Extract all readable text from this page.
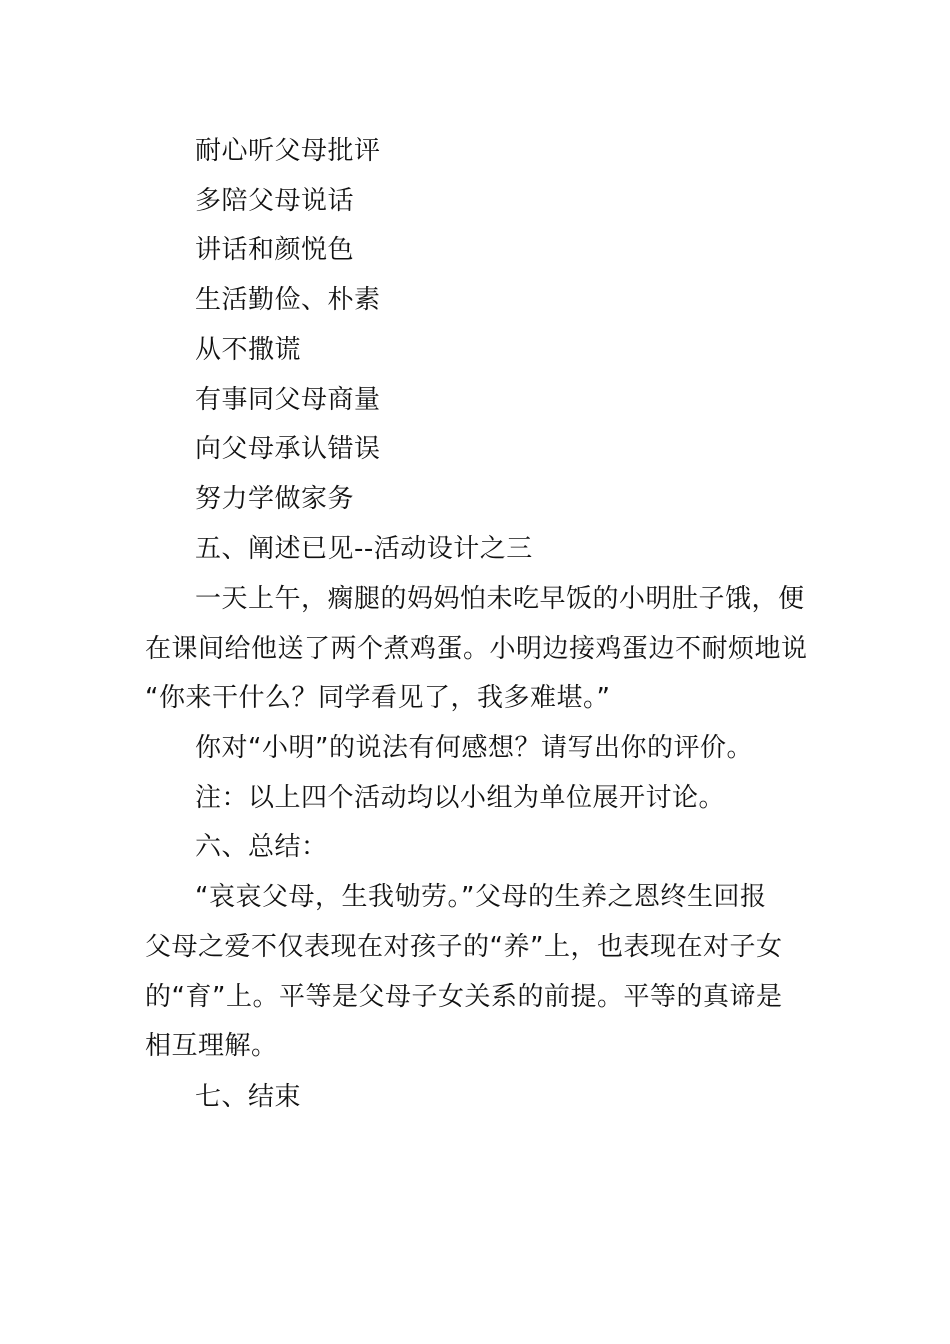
耐心听父母批评
多陪父母说话
讲话和颜悦色
生活勤俭、朴素
从不撒谎
有事同父母商量
向父母承认错误
努力学做家务
五、阐述已见--活动设计之三
一天上午，瘸腿的妈妈怕未吃早饭的小明肚子饿，便
在课间给他送了两个煮鸡蛋。小明边接鸡蛋边不耐烦地说
“你来干什么？同学看见了，我多难堪。”
你对“小明”的说法有何感想？请写出你的评价。
注：以上四个活动均以小组为单位展开讨论。
六、总结：
“哀哀父母，生我劬劳。”父母的生养之恩终生回报
父母之爱不仅表现在对孩子的“养”上，也表现在对子女
的“育”上。平等是父母子女关系的前提。平等的真谛是
相互理解。
七、结束
